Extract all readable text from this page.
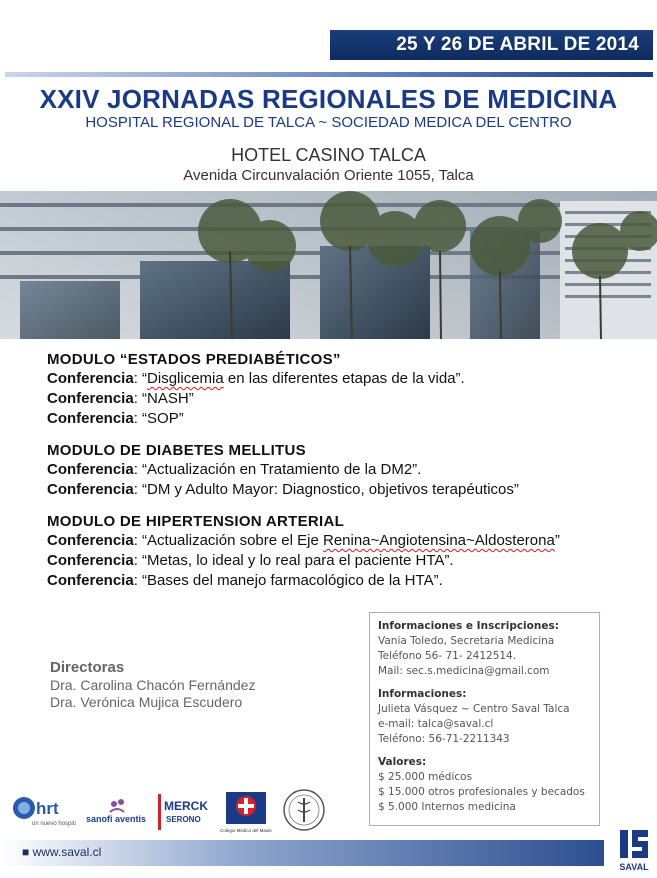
25 Y 26 DE ABRIL DE 2014
XXIV JORNADAS REGIONALES DE MEDICINA
HOSPITAL REGIONAL DE TALCA ~ SOCIEDAD MEDICA DEL CENTRO
HOTEL CASINO TALCA
Avenida Circunvalación Oriente 1055, Talca
MODULO “ESTADOS PREDIABÉTICOS”
Conferencia: “Disglicemia en las diferentes etapas de la vida”.
Conferencia: “NASH”
Conferencia: “SOP”
MODULO DE DIABETES MELLITUS
Conferencia: “Actualización en Tratamiento de la DM2”.
Conferencia: “DM y Adulto Mayor: Diagnostico, objetivos terapéuticos”
MODULO DE HIPERTENSION ARTERIAL
Conferencia: “Actualización sobre el Eje Renina~Angiotensina~Aldosterona”
Conferencia: “Metas, lo ideal y lo real para el paciente HTA”.
Conferencia: “Bases del manejo farmacológico de la HTA”.
Directoras
Dra. Carolina Chacón Fernández
Dra. Verónica Mujica Escudero
Informaciones e Inscripciones:
Vania Toledo, Secretaria Medicina
Teléfono 56- 71- 2412514.
Mail: sec.s.medicina@gmail.com
Informaciones:
Julieta Vásquez ~ Centro Saval Talca
e-mail: talca@saval.cl
Teléfono: 56-71-2211343
Valores:
$ 25.000 médicos
$ 15.000 otros profesionales y becados
$ 5.000 Internos medicina
hrt
un nuevo hospital sanofi aventis
MERCK
SERONO
Colegio Médico del Maule
■ www.saval.cl
SAVAL
